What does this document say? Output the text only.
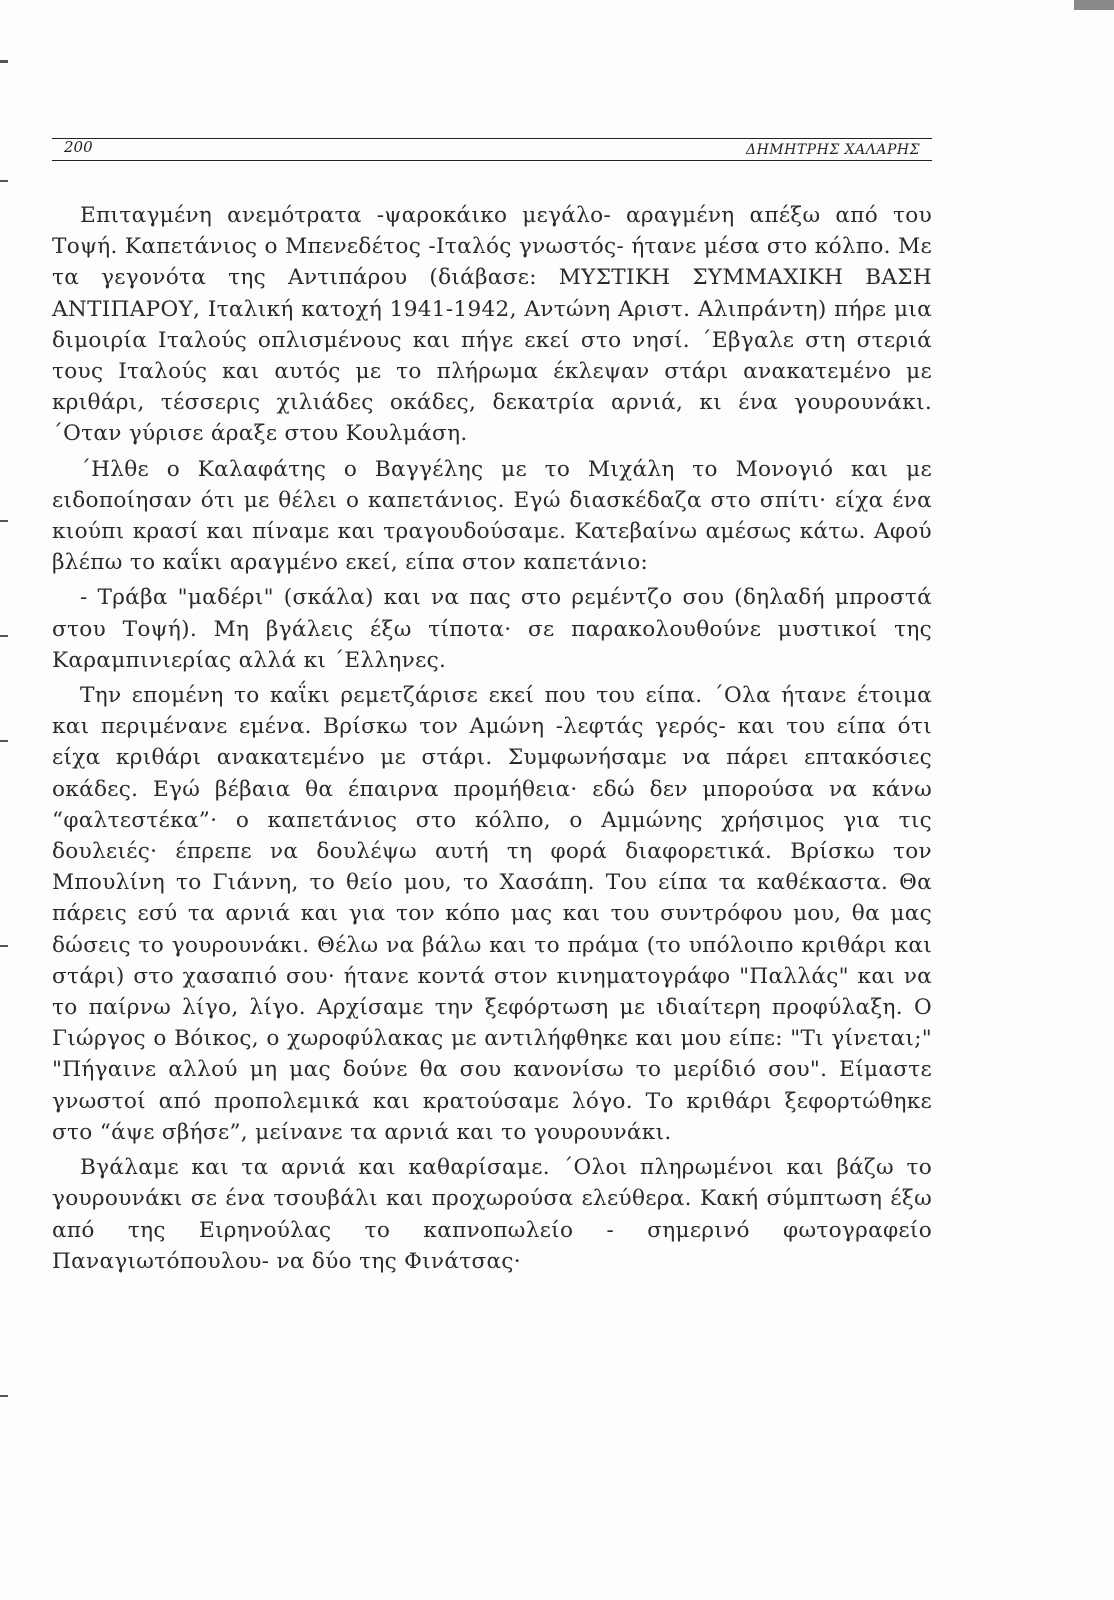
200	ΔΗΜΗΤΡΗΣ ΧΑΛΑΡΗΣ

Επιταγμένη ανεμότρατα -ψαροκάικο μεγάλο- αραγμένη απέξω από του Τοψή. Καπετάνιος ο Μπενεδέτος -Ιταλός γνωστός- ήτανε μέσα στο κόλπο. Με τα γεγονότα της Αντιπάρου (διάβασε: ΜΥΣΤΙΚΗ ΣΥΜΜΑΧΙΚΗ ΒΑΣΗ ΑΝΤΙΠΑΡΟΥ, Ιταλική κατοχή 1941-1942, Αντώνη Αριστ. Αλιπράντη) πήρε μια διμοιρία Ιταλούς οπλισμένους και πήγε εκεί στο νησί. ΄Εβγαλε στη στεριά τους Ιταλούς και αυτός με το πλήρωμα έκλεψαν στάρι ανακατεμένο με κριθάρι, τέσσερις χιλιάδες οκάδες, δεκατρία αρνιά, κι ένα γουρουνάκι. ΄Οταν γύρισε άραξε στου Κουλμάση.

΄Ηλθε ο Καλαφάτης ο Βαγγέλης με το Μιχάλη το Μονογιό και με ειδοποίησαν ότι με θέλει ο καπετάνιος. Εγώ διασκέδαζα στο σπίτι· είχα ένα κιούπι κρασί και πίναμε και τραγουδούσαμε. Κατεβαίνω αμέσως κάτω. Αφού βλέπω το καΐκι αραγμένο εκεί, είπα στον καπετάνιο:

- Τράβα "μαδέρι" (σκάλα) και να πας στο ρεμέντζο σου (δηλαδή μπροστά στου Τοψή). Μη βγάλεις έξω τίποτα· σε παρακολουθούνε μυστικοί της Καραμπινιερίας αλλά κι ΄Ελληνες.

Την επομένη το καΐκι ρεμετζάρισε εκεί που του είπα. ΄Ολα ήτανε έτοιμα και περιμένανε εμένα. Βρίσκω τον Αμώνη -λεφτάς γερός- και του είπα ότι είχα κριθάρι ανακατεμένο με στάρι. Συμφωνήσαμε να πάρει επτακόσιες οκάδες. Εγώ βέβαια θα έπαιρνα προμήθεια· εδώ δεν μπορούσα να κάνω “φαλτεστέκα”· ο καπετάνιος στο κόλπο, ο Αμμώνης χρήσιμος για τις δουλειές· έπρεπε να δουλέψω αυτή τη φορά διαφορετικά. Βρίσκω τον Μπουλίνη το Γιάννη, το θείο μου, το Χασάπη. Του είπα τα καθέκαστα. Θα πάρεις εσύ τα αρνιά και για τον κόπο μας και του συντρόφου μου, θα μας δώσεις το γουρουνάκι. Θέλω να βάλω και το πράμα (το υπόλοιπο κριθάρι και στάρι) στο χασαπιό σου· ήτανε κοντά στον κινηματογράφο "Παλλάς" και να το παίρνω λίγο, λίγο. Αρχίσαμε την ξεφόρτωση με ιδιαίτερη προφύλαξη. Ο Γιώργος ο Βόικος, ο χωροφύλακας με αντιλήφθηκε και μου είπε: "Τι γίνεται;" "Πήγαινε αλλού μη μας δούνε θα σου κανονίσω το μερίδιό σου". Είμαστε γνωστοί από προπολεμικά και κρατούσαμε λόγο. Το κριθάρι ξεφορτώθηκε στο “άψε σβήσε”, μείνανε τα αρνιά και το γουρουνάκι.

Βγάλαμε και τα αρνιά και καθαρίσαμε. ΄Ολοι πληρωμένοι και βάζω το γουρουνάκι σε ένα τσουβάλι και προχωρούσα ελεύθερα. Κακή σύμπτωση έξω από της Ειρηνούλας το καπνοπωλείο - σημερινό φωτογραφείο Παναγιωτόπουλου- να δύο της Φινάτσας·
